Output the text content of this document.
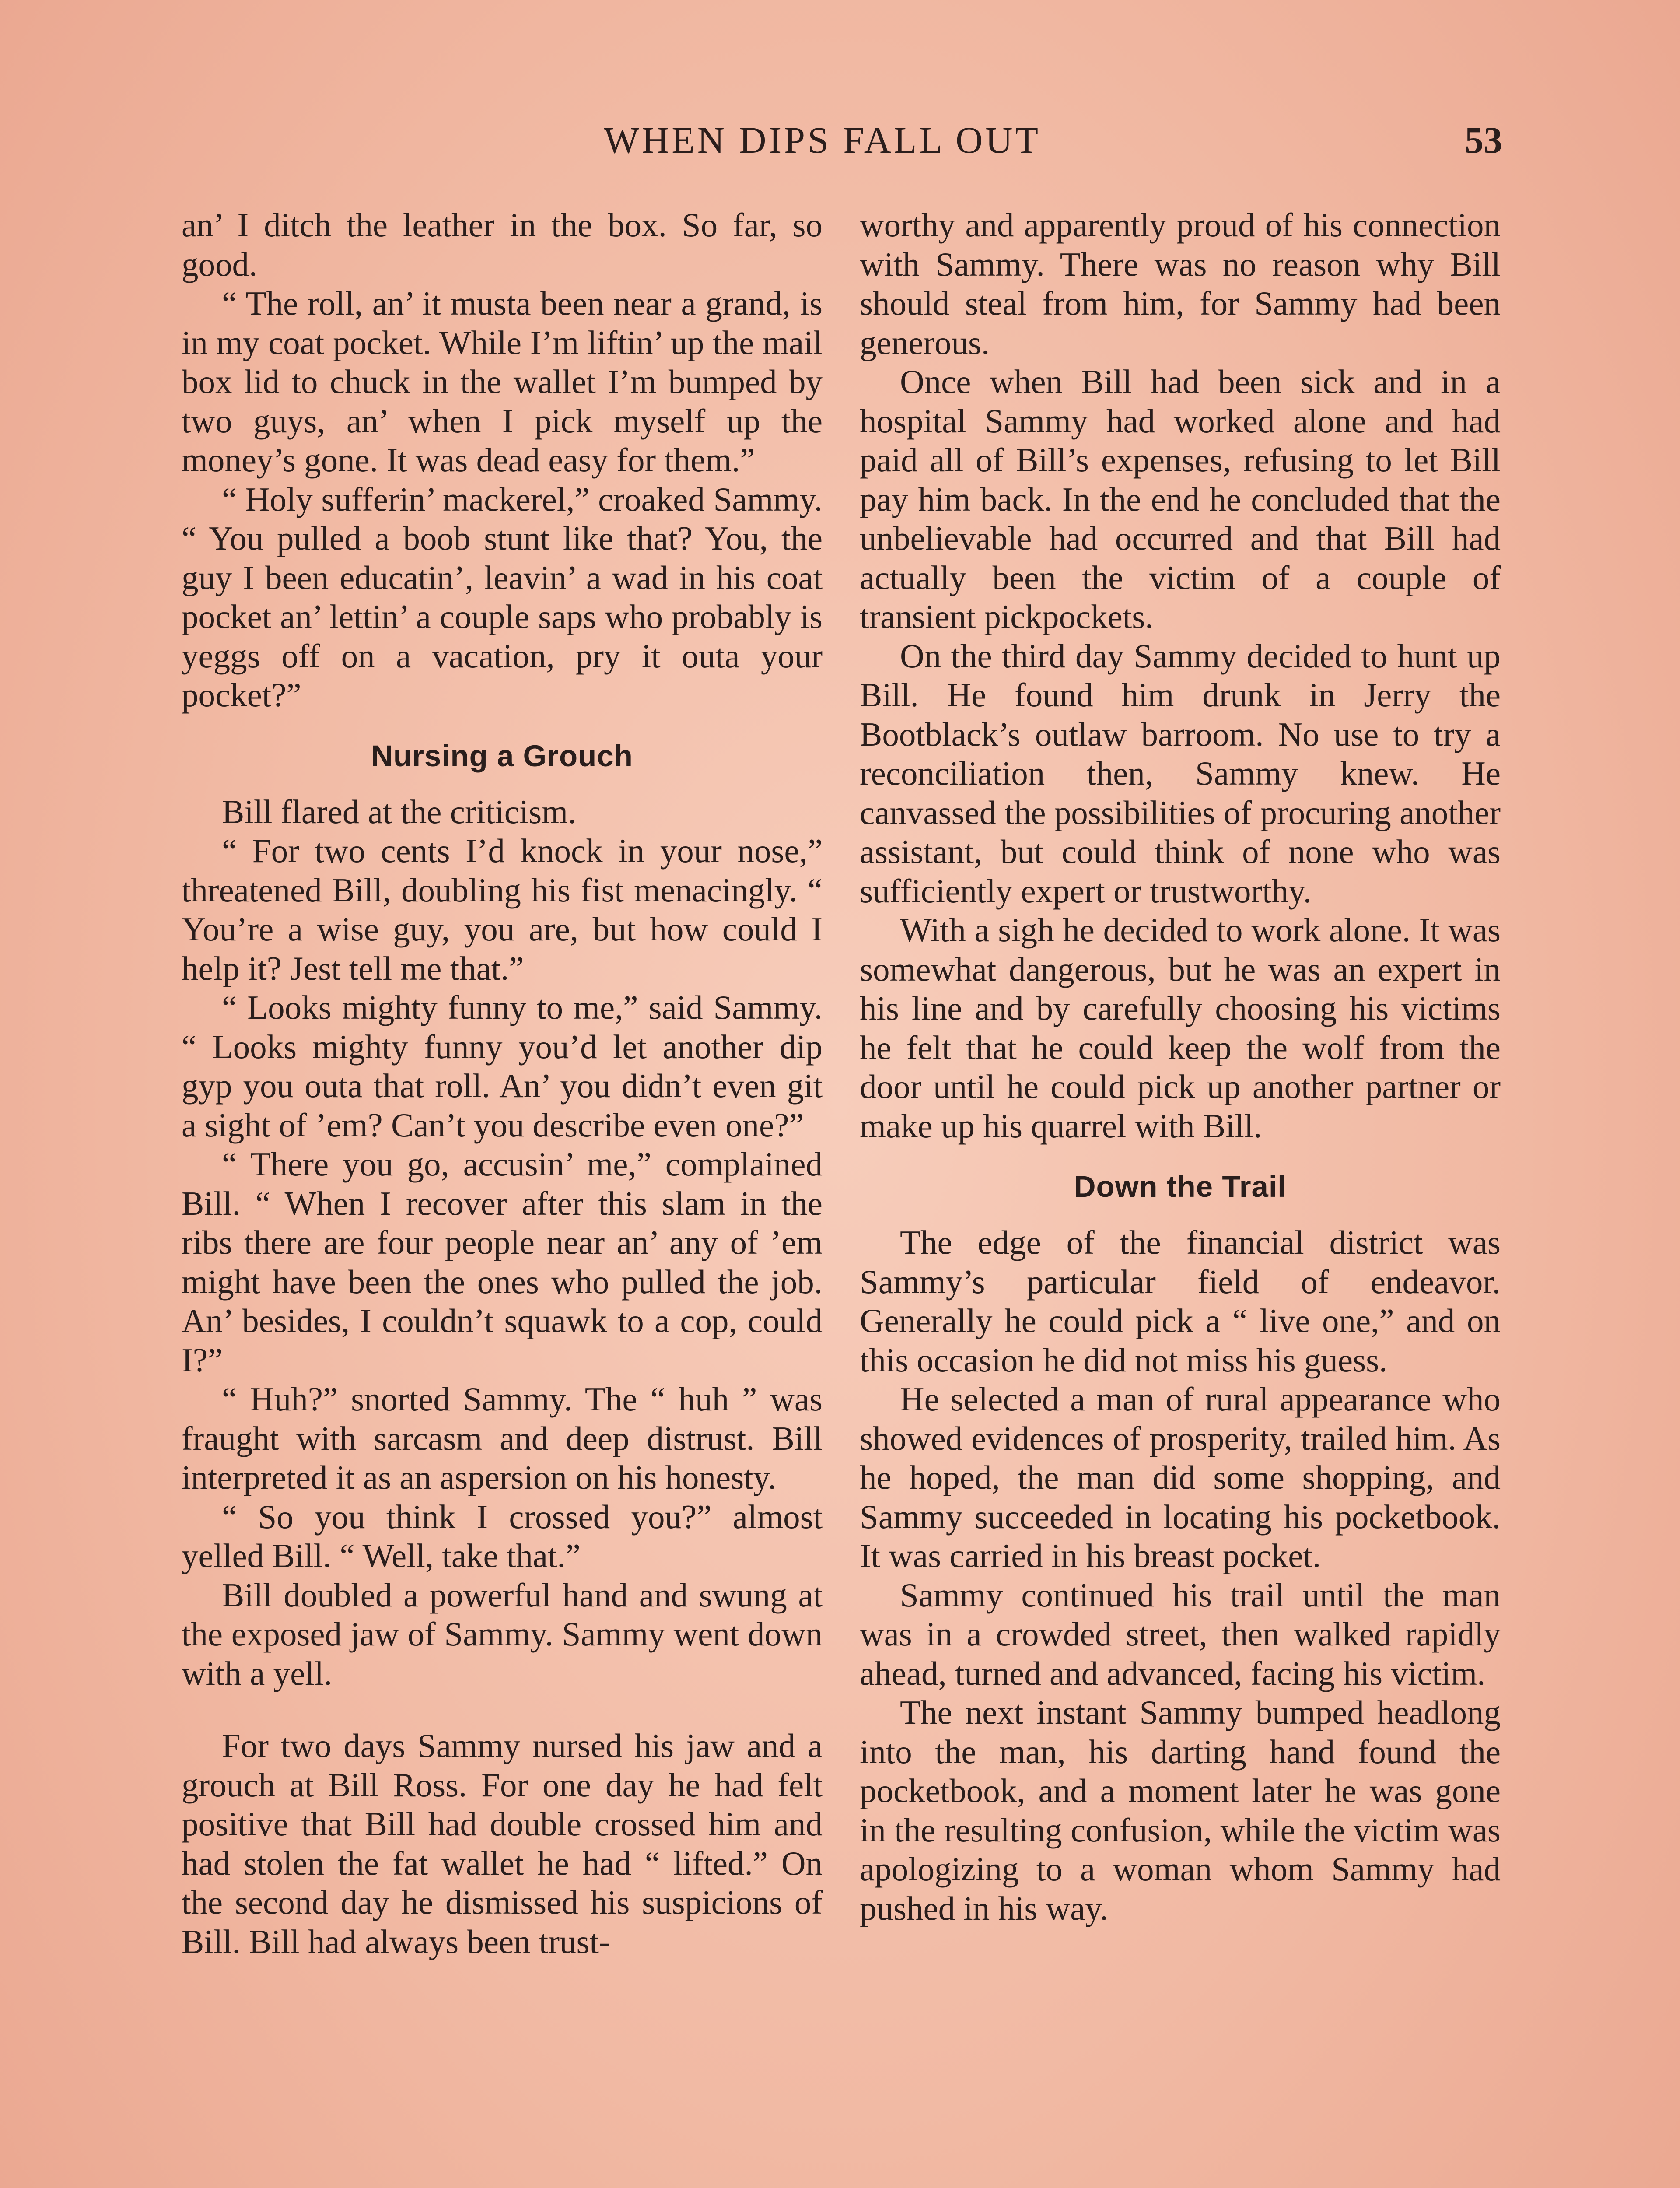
WHEN DIPS FALL OUT	53

an’ I ditch the leather in the box. So far, so good.

“ The roll, an’ it musta been near a grand, is in my coat pocket. While I’m liftin’ up the mail box lid to chuck in the wallet I’m bumped by two guys, an’ when I pick myself up the money’s gone. It was dead easy for them.”

“ Holy sufferin’ mackerel,” croaked Sammy. “ You pulled a boob stunt like that? You, the guy I been educatin’, leavin’ a wad in his coat pocket an’ lettin’ a couple saps who probably is yeggs off on a vacation, pry it outa your pocket?”

Nursing a Grouch

Bill flared at the criticism.

“ For two cents I’d knock in your nose,” threatened Bill, doubling his fist menacingly. “ You’re a wise guy, you are, but how could I help it? Jest tell me that.”

“ Looks mighty funny to me,” said Sammy. “ Looks mighty funny you’d let another dip gyp you outa that roll. An’ you didn’t even git a sight of ’em? Can’t you describe even one?”

“ There you go, accusin’ me,” complained Bill. “ When I recover after this slam in the ribs there are four people near an’ any of ’em might have been the ones who pulled the job. An’ besides, I couldn’t squawk to a cop, could I?”

“ Huh?” snorted Sammy. The “ huh ” was fraught with sarcasm and deep distrust. Bill interpreted it as an aspersion on his honesty.

“ So you think I crossed you?” almost yelled Bill. “ Well, take that.”

Bill doubled a powerful hand and swung at the exposed jaw of Sammy. Sammy went down with a yell.

For two days Sammy nursed his jaw and a grouch at Bill Ross. For one day he had felt positive that Bill had double crossed him and had stolen the fat wallet he had “ lifted.” On the second day he dismissed his suspicions of Bill. Bill had always been trust-

worthy and apparently proud of his connection with Sammy. There was no reason why Bill should steal from him, for Sammy had been generous.

Once when Bill had been sick and in a hospital Sammy had worked alone and had paid all of Bill’s expenses, refusing to let Bill pay him back. In the end he concluded that the unbelievable had occurred and that Bill had actually been the victim of a couple of transient pickpockets.

On the third day Sammy decided to hunt up Bill. He found him drunk in Jerry the Bootblack’s outlaw barroom. No use to try a reconciliation then, Sammy knew. He canvassed the possibilities of procuring another assistant, but could think of none who was sufficiently expert or trustworthy.

With a sigh he decided to work alone. It was somewhat dangerous, but he was an expert in his line and by carefully choosing his victims he felt that he could keep the wolf from the door until he could pick up another partner or make up his quarrel with Bill.

Down the Trail

The edge of the financial district was Sammy’s particular field of endeavor. Generally he could pick a “ live one,” and on this occasion he did not miss his guess.

He selected a man of rural appearance who showed evidences of prosperity, trailed him. As he hoped, the man did some shopping, and Sammy succeeded in locating his pocketbook. It was carried in his breast pocket.

Sammy continued his trail until the man was in a crowded street, then walked rapidly ahead, turned and advanced, facing his victim.

The next instant Sammy bumped headlong into the man, his darting hand found the pocketbook, and a moment later he was gone in the resulting confusion, while the victim was apologizing to a woman whom Sammy had pushed in his way.
